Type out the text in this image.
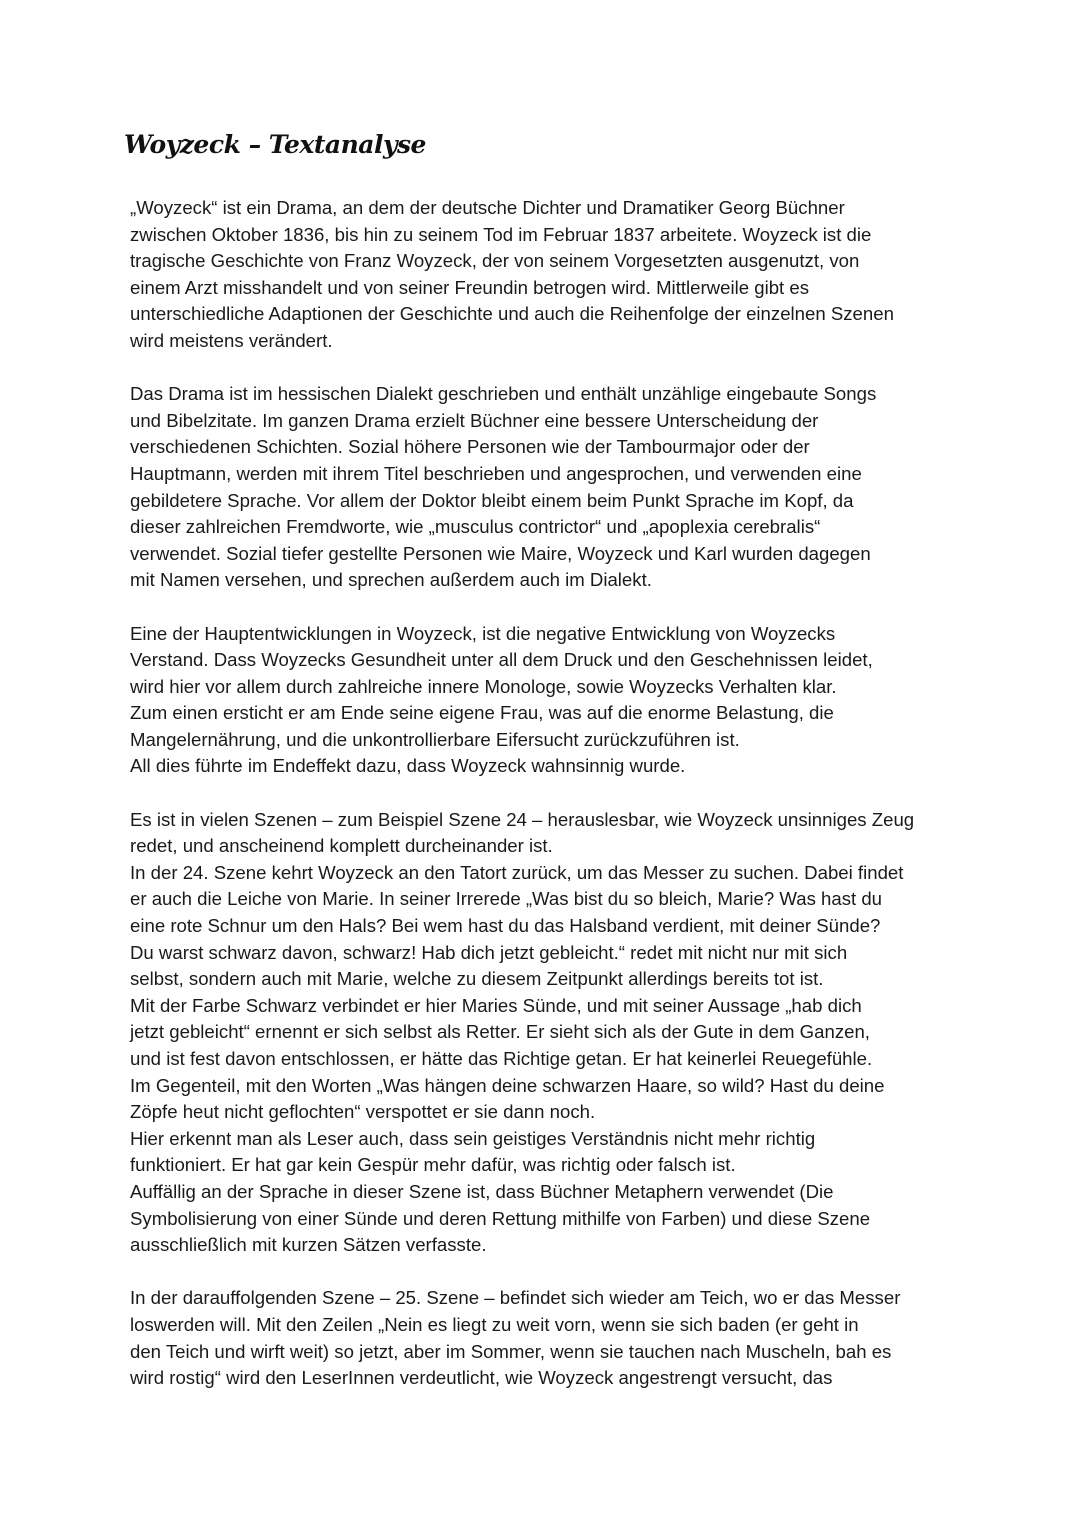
Woyzeck – Textanalyse

„Woyzeck“ ist ein Drama, an dem der deutsche Dichter und Dramatiker Georg Büchner
zwischen Oktober 1836, bis hin zu seinem Tod im Februar 1837 arbeitete. Woyzeck ist die
tragische Geschichte von Franz Woyzeck, der von seinem Vorgesetzten ausgenutzt, von
einem Arzt misshandelt und von seiner Freundin betrogen wird. Mittlerweile gibt es
unterschiedliche Adaptionen der Geschichte und auch die Reihenfolge der einzelnen Szenen
wird meistens verändert.

Das Drama ist im hessischen Dialekt geschrieben und enthält unzählige eingebaute Songs
und Bibelzitate. Im ganzen Drama erzielt Büchner eine bessere Unterscheidung der
verschiedenen Schichten. Sozial höhere Personen wie der Tambourmajor oder der
Hauptmann, werden mit ihrem Titel beschrieben und angesprochen, und verwenden eine
gebildetere Sprache. Vor allem der Doktor bleibt einem beim Punkt Sprache im Kopf, da
dieser zahlreichen Fremdworte, wie „musculus contrictor“ und „apoplexia cerebralis“
verwendet. Sozial tiefer gestellte Personen wie Maire, Woyzeck und Karl wurden dagegen
mit Namen versehen, und sprechen außerdem auch im Dialekt.

Eine der Hauptentwicklungen in Woyzeck, ist die negative Entwicklung von Woyzecks
Verstand. Dass Woyzecks Gesundheit unter all dem Druck und den Geschehnissen leidet,
wird hier vor allem durch zahlreiche innere Monologe, sowie Woyzecks Verhalten klar.
Zum einen ersticht er am Ende seine eigene Frau, was auf die enorme Belastung, die
Mangelernährung, und die unkontrollierbare Eifersucht zurückzuführen ist.
All dies führte im Endeffekt dazu, dass Woyzeck wahnsinnig wurde.

Es ist in vielen Szenen – zum Beispiel Szene 24 – herauslesbar, wie Woyzeck unsinniges Zeug
redet, und anscheinend komplett durcheinander ist.
In der 24. Szene kehrt Woyzeck an den Tatort zurück, um das Messer zu suchen. Dabei findet
er auch die Leiche von Marie. In seiner Irrerede „Was bist du so bleich, Marie? Was hast du
eine rote Schnur um den Hals? Bei wem hast du das Halsband verdient, mit deiner Sünde?
Du warst schwarz davon, schwarz! Hab dich jetzt gebleicht.“ redet mit nicht nur mit sich
selbst, sondern auch mit Marie, welche zu diesem Zeitpunkt allerdings bereits tot ist.
Mit der Farbe Schwarz verbindet er hier Maries Sünde, und mit seiner Aussage „hab dich
jetzt gebleicht“ ernennt er sich selbst als Retter. Er sieht sich als der Gute in dem Ganzen,
und ist fest davon entschlossen, er hätte das Richtige getan. Er hat keinerlei Reuegefühle.
Im Gegenteil, mit den Worten „Was hängen deine schwarzen Haare, so wild? Hast du deine
Zöpfe heut nicht geflochten“ verspottet er sie dann noch.
Hier erkennt man als Leser auch, dass sein geistiges Verständnis nicht mehr richtig
funktioniert. Er hat gar kein Gespür mehr dafür, was richtig oder falsch ist.
Auffällig an der Sprache in dieser Szene ist, dass Büchner Metaphern verwendet (Die
Symbolisierung von einer Sünde und deren Rettung mithilfe von Farben) und diese Szene
ausschließlich mit kurzen Sätzen verfasste.

In der darauffolgenden Szene – 25. Szene – befindet sich wieder am Teich, wo er das Messer
loswerden will. Mit den Zeilen „Nein es liegt zu weit vorn, wenn sie sich baden (er geht in
den Teich und wirft weit) so jetzt, aber im Sommer, wenn sie tauchen nach Muscheln, bah es
wird rostig“ wird den LeserInnen verdeutlicht, wie Woyzeck angestrengt versucht, das
